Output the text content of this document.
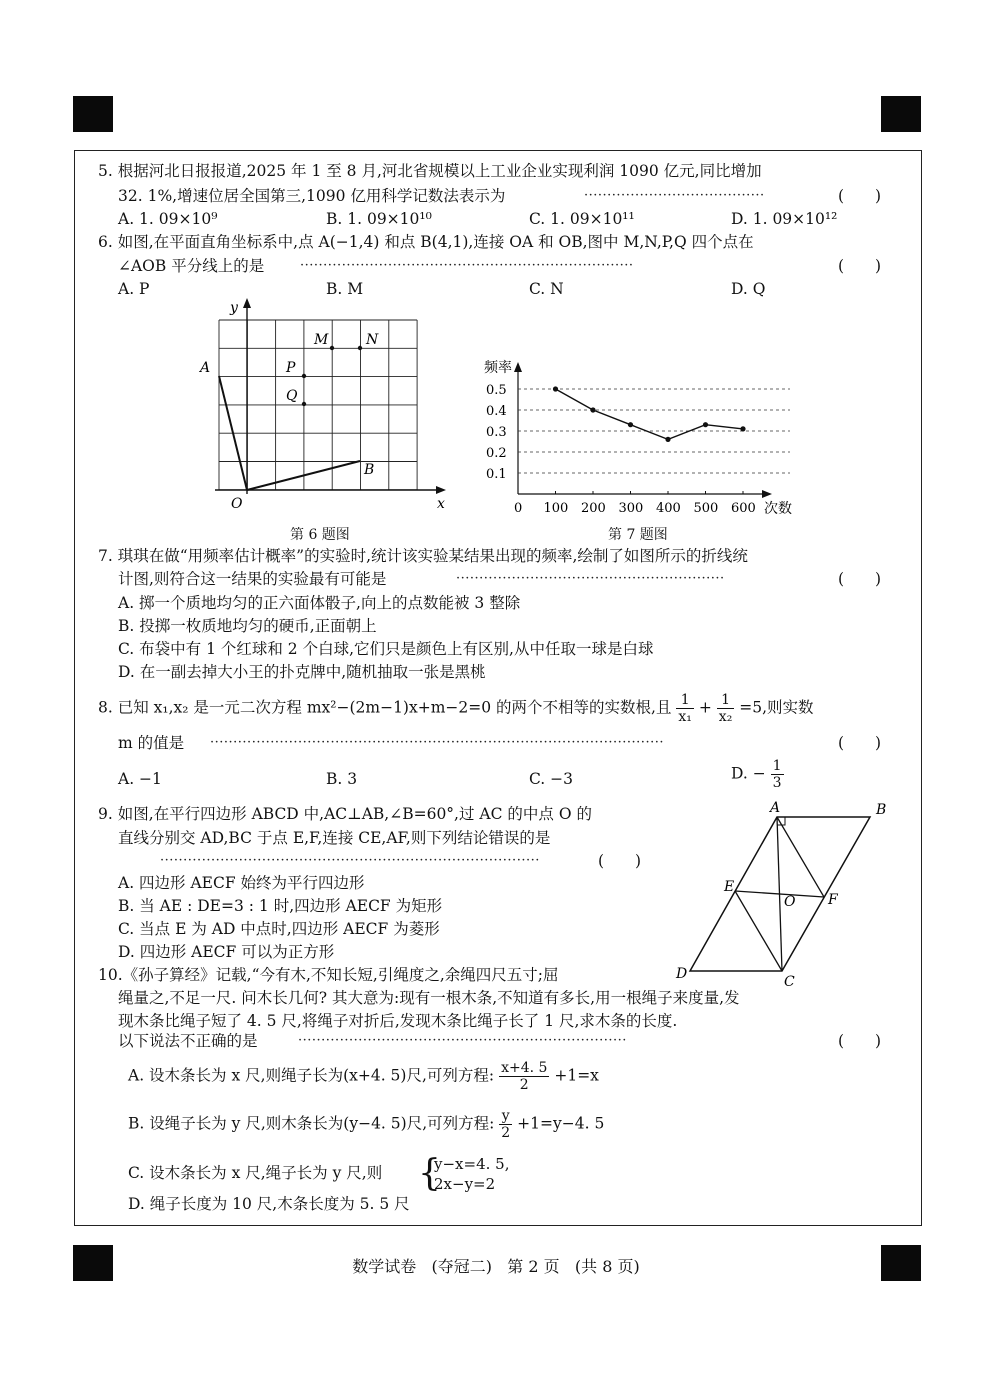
5. 根据河北日报报道,2025 年 1 至 8 月,河北省规模以上工业企业实现利润 1090 亿元,同比增加
32. 1%,增速位居全国第三,1090 亿用科学记数法表示为	·······································	(　　)
A. 1. 09×10⁹	B. 1. 09×10¹⁰	C. 1. 09×10¹¹	D. 1. 09×10¹²
6. 如图,在平面直角坐标系中,点 A(−1,4) 和点 B(4,1),连接 OA 和 OB,图中 M,N,P,Q 四个点在
∠AOB 平分线上的是	········································································	(　　)
A. P	B. M	C. N	D. Q
y
x
O
A
B
M	N
P
Q
第 6 题图
频率
次数
0.1
0.2
0.3
0.4
0.5
0 100 200 300 400 500 600
第 7 题图
7. 琪琪在做“用频率估计概率”的实验时,统计该实验某结果出现的频率,绘制了如图所示的折线统
计图,则符合这一结果的实验最有可能是	··························································	(　　)
A. 掷一个质地均匀的正六面体骰子,向上的点数能被 3 整除
B. 投掷一枚质地均匀的硬币,正面朝上
C. 布袋中有 1 个红球和 2 个白球,它们只是颜色上有区别,从中任取一球是白球
D. 在一副去掉大小王的扑克牌中,随机抽取一张是黑桃
8. 已知 x₁,x₂ 是一元二次方程 mx²−(2m−1)x+m−2=0 的两个不相等的实数根,且 $\frac{1}{\text{x₁}} + \frac{1}{\text{x₂}} =5$,则实数
m 的值是 ··································································································	(　　)
A. −1	B. 3	C. −3	D. − $\frac{1}{3}$
9. 如图,在平行四边形 ABCD 中,AC⊥AB,∠B=60°,过 AC 的中点 O 的
直线分别交 AD,BC 于点 E,F,连接 CE,AF,则下列结论错误的是
··················································································	(　　)
A. 四边形 AECF 始终为平行四边形
B. 当 AE : DE=3 : 1 时,四边形 AECF 为矩形
C. 当点 E 为 AD 中点时,四边形 AECF 为菱形
D. 四边形 AECF 可以为正方形
A	B
C
D
E
F
O
10.《孙子算经》记载,“今有木,不知长短,引绳度之,余绳四尺五寸;屈
绳量之,不足一尺. 问木长几何? 其大意为:现有一根木条,不知道有多长,用一根绳子来度量,发
现木条比绳子短了 4. 5 尺,将绳子对折后,发现木条比绳子长了 1 尺,求木条的长度.
以下说法不正确的是	·······································································	(　　)
A. 设木条长为 x 尺,则绳子长为(x+4. 5)尺,可列方程: $\frac{x+4. 5}{2} +1=x$
B. 设绳子长为 y 尺,则木条长为(y−4. 5)尺,可列方程: $\frac{y}{2} +1=y-4$. 5
C. 设木条长为 x 尺,绳子长为 y 尺,则 {
y−x=4. 5,
2x−y=2
D. 绳子长度为 10 尺,木条长度为 5. 5 尺
数学试卷 (夺冠二) 第 2 页 (共 8 页)
